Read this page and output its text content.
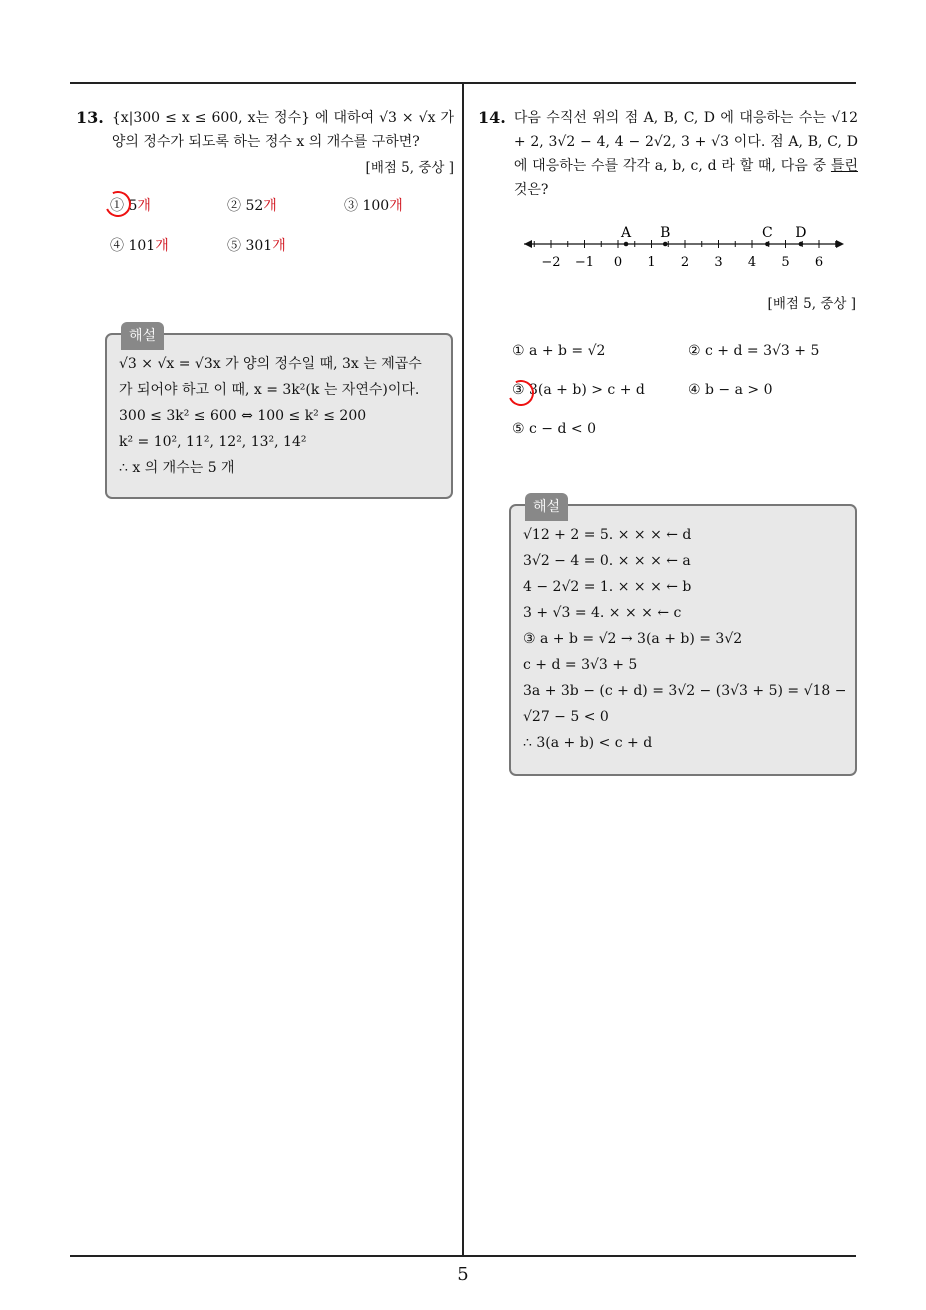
13. {x|300 ≤ x ≤ 600, x는 정수} 에 대하여 √3 × √x 가 양의 정수가 되도록 하는 정수 x 의 개수를 구하면?
[배점 5, 중상 ]
① 5개	② 52개	③ 100개
④ 101개	⑤ 301개
해설
√3 × √x = √3x 가 양의 정수일 때, 3x 는 제곱수
가 되어야 하고 이 때, x = 3k²(k 는 자연수)이다.
300 ≤ 3k² ≤ 600 ⇔ 100 ≤ k² ≤ 200
k² = 10², 11², 12², 13², 14²
∴ x 의 개수는 5 개
14. 다음 수직선 위의 점 A, B, C, D 에 대응하는 수는 √12 + 2, 3√2 − 4, 4 − 2√2, 3 + √3 이다. 점 A, B, C, D 에 대응하는 수를 각각 a, b, c, d 라 할 때, 다음 중 틀린 것은?
−2 −1 0 1 2 3 4 5 6
A B	C D
[배점 5, 중상 ]
① a + b = √2	② c + d = 3√3 + 5
③ 3(a + b) > c + d	④ b − a > 0
⑤ c − d < 0
해설
√12 + 2 = 5. × × × ← d
3√2 − 4 = 0. × × × ← a
4 − 2√2 = 1. × × × ← b
3 + √3 = 4. × × × ← c
③ a + b = √2 → 3(a + b) = 3√2
c + d = 3√3 + 5
3a + 3b − (c + d) = 3√2 − (3√3 + 5) = √18 −
√27 − 5 < 0
∴ 3(a + b) < c + d
5
